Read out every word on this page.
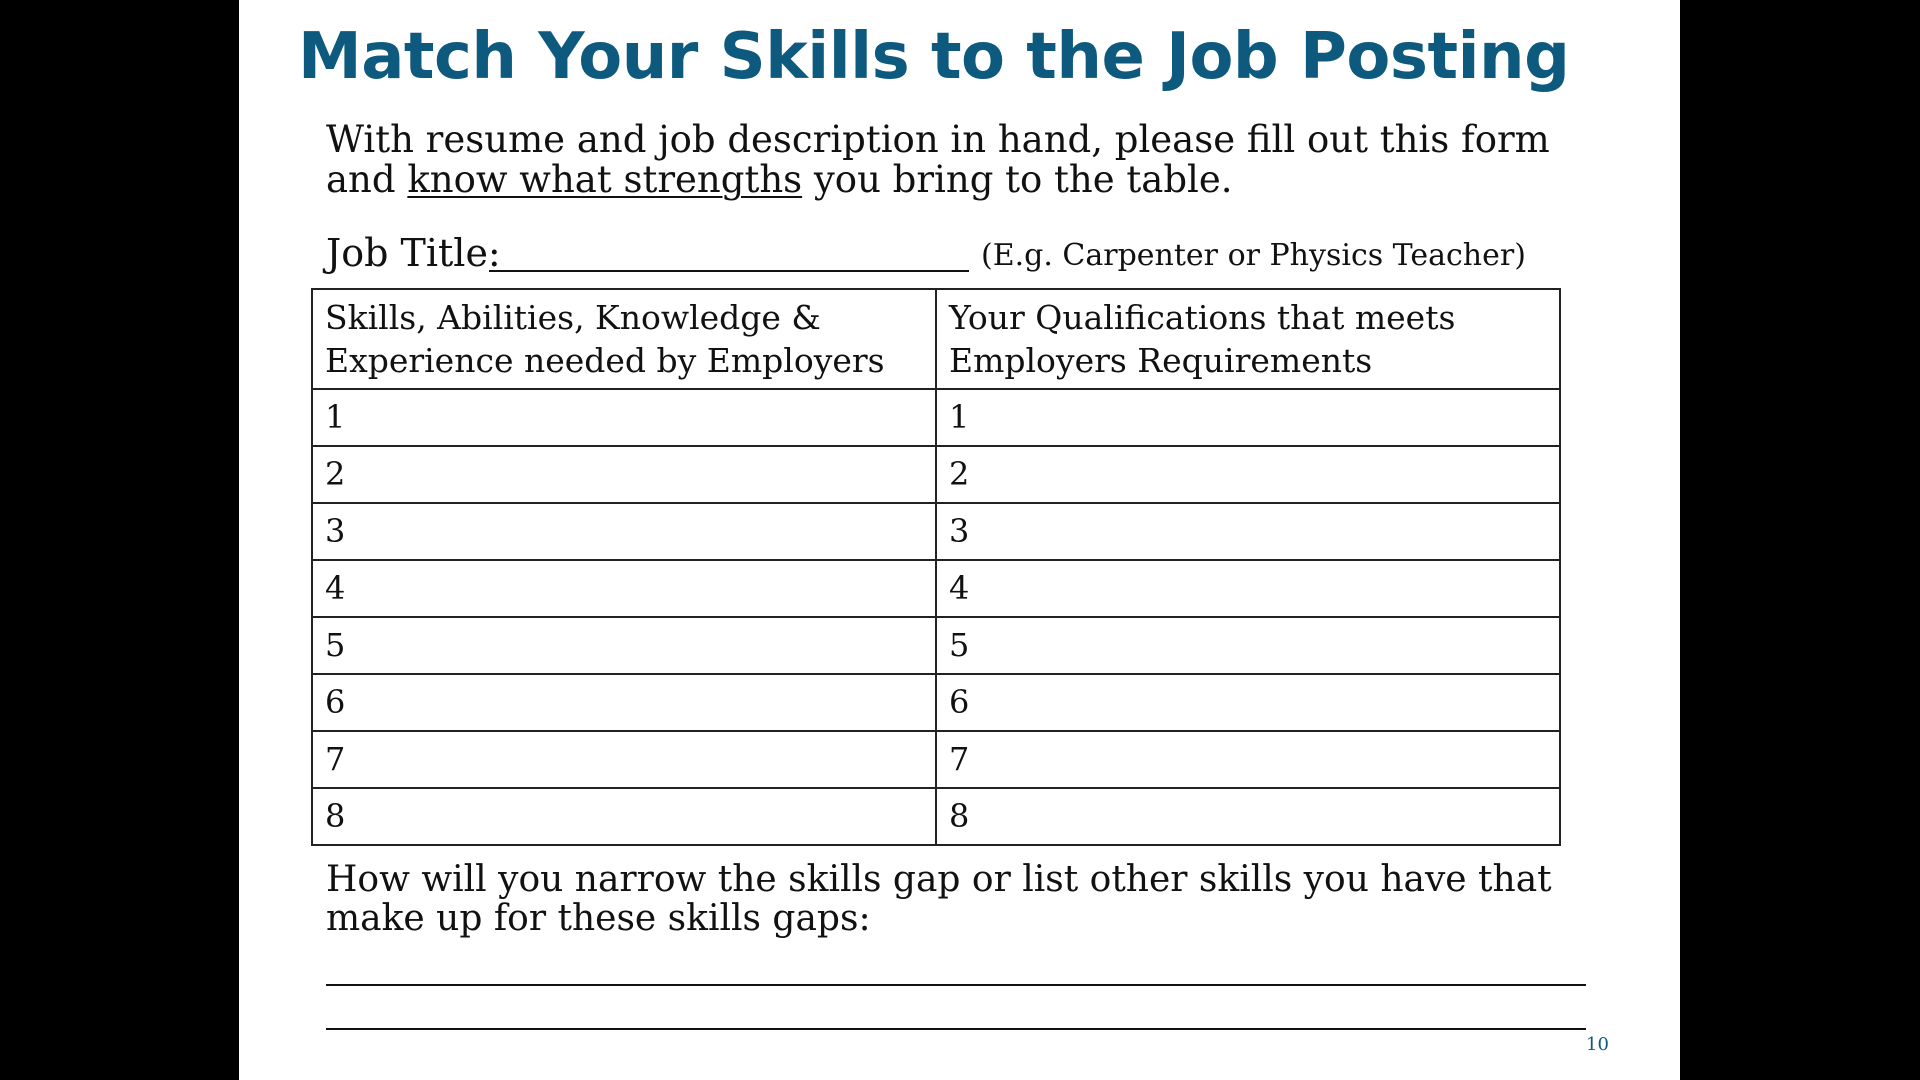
Match Your Skills to the Job Posting

With resume and job description in hand, please fill out this form and know what strengths you bring to the table.

Job Title:	(E.g. Carpenter or Physics Teacher)
Skills, Abilities, Knowledge & Experience needed by Employers	Your Qualifications that meets Employers Requirements
1	1
2	2
3	3
4	4
5	5
6	6
7	7
8	8

How will you narrow the skills gap or list other skills you have that make up for these skills gaps:

10
